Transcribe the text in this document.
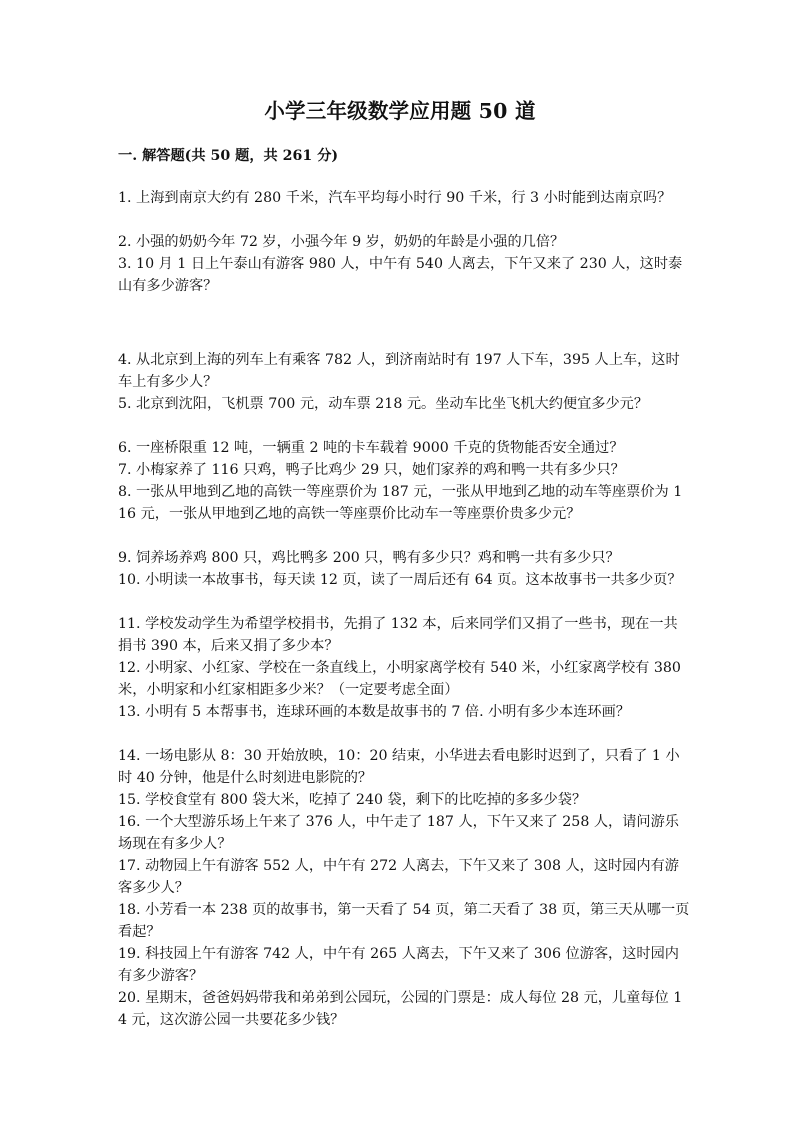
小学三年级数学应用题 50 道
一. 解答题(共 50 题，共 261 分)
1. 上海到南京大约有 280 千米，汽车平均每小时行 90 千米，行 3 小时能到达南京吗？
2. 小强的奶奶今年 72 岁，小强今年 9 岁，奶奶的年龄是小强的几倍？
3. 10 月 1 日上午泰山有游客 980 人，中午有 540 人离去，下午又来了 230 人，这时泰山有多少游客？
4. 从北京到上海的列车上有乘客 782 人，到济南站时有 197 人下车，395 人上车，这时车上有多少人？
5. 北京到沈阳，飞机票 700 元，动车票 218 元。坐动车比坐飞机大约便宜多少元？
6. 一座桥限重 12 吨，一辆重 2 吨的卡车载着 9000 千克的货物能否安全通过？
7. 小梅家养了 116 只鸡，鸭子比鸡少 29 只，她们家养的鸡和鸭一共有多少只？
8. 一张从甲地到乙地的高铁一等座票价为 187 元，一张从甲地到乙地的动车等座票价为 116 元，一张从甲地到乙地的高铁一等座票价比动车一等座票价贵多少元？
9. 饲养场养鸡 800 只，鸡比鸭多 200 只，鸭有多少只？鸡和鸭一共有多少只？
10. 小明读一本故事书，每天读 12 页，读了一周后还有 64 页。这本故事书一共多少页？
11. 学校发动学生为希望学校捐书，先捐了 132 本，后来同学们又捐了一些书，现在一共捐书 390 本，后来又捐了多少本？
12. 小明家、小红家、学校在一条直线上，小明家离学校有 540 米，小红家离学校有 380 米，小明家和小红家相距多少米？（一定要考虑全面）
13. 小明有 5 本帮事书，连球环画的本数是故事书的 7 倍. 小明有多少本连环画？
14. 一场电影从 8：30 开始放映，10：20 结束，小华进去看电影时迟到了，只看了 1 小时 40 分钟，他是什么时刻进电影院的？
15. 学校食堂有 800 袋大米，吃掉了 240 袋，剩下的比吃掉的多多少袋？
16. 一个大型游乐场上午来了 376 人，中午走了 187 人，下午又来了 258 人，请问游乐场现在有多少人？
17. 动物园上午有游客 552 人，中午有 272 人离去，下午又来了 308 人，这时园内有游客多少人？
18. 小芳看一本 238 页的故事书，第一天看了 54 页，第二天看了 38 页，第三天从哪一页看起？
19. 科技园上午有游客 742 人，中午有 265 人离去，下午又来了 306 位游客，这时园内有多少游客？
20. 星期末，爸爸妈妈带我和弟弟到公园玩，公园的门票是：成人每位 28 元，儿童每位 14 元，这次游公园一共要花多少钱？
